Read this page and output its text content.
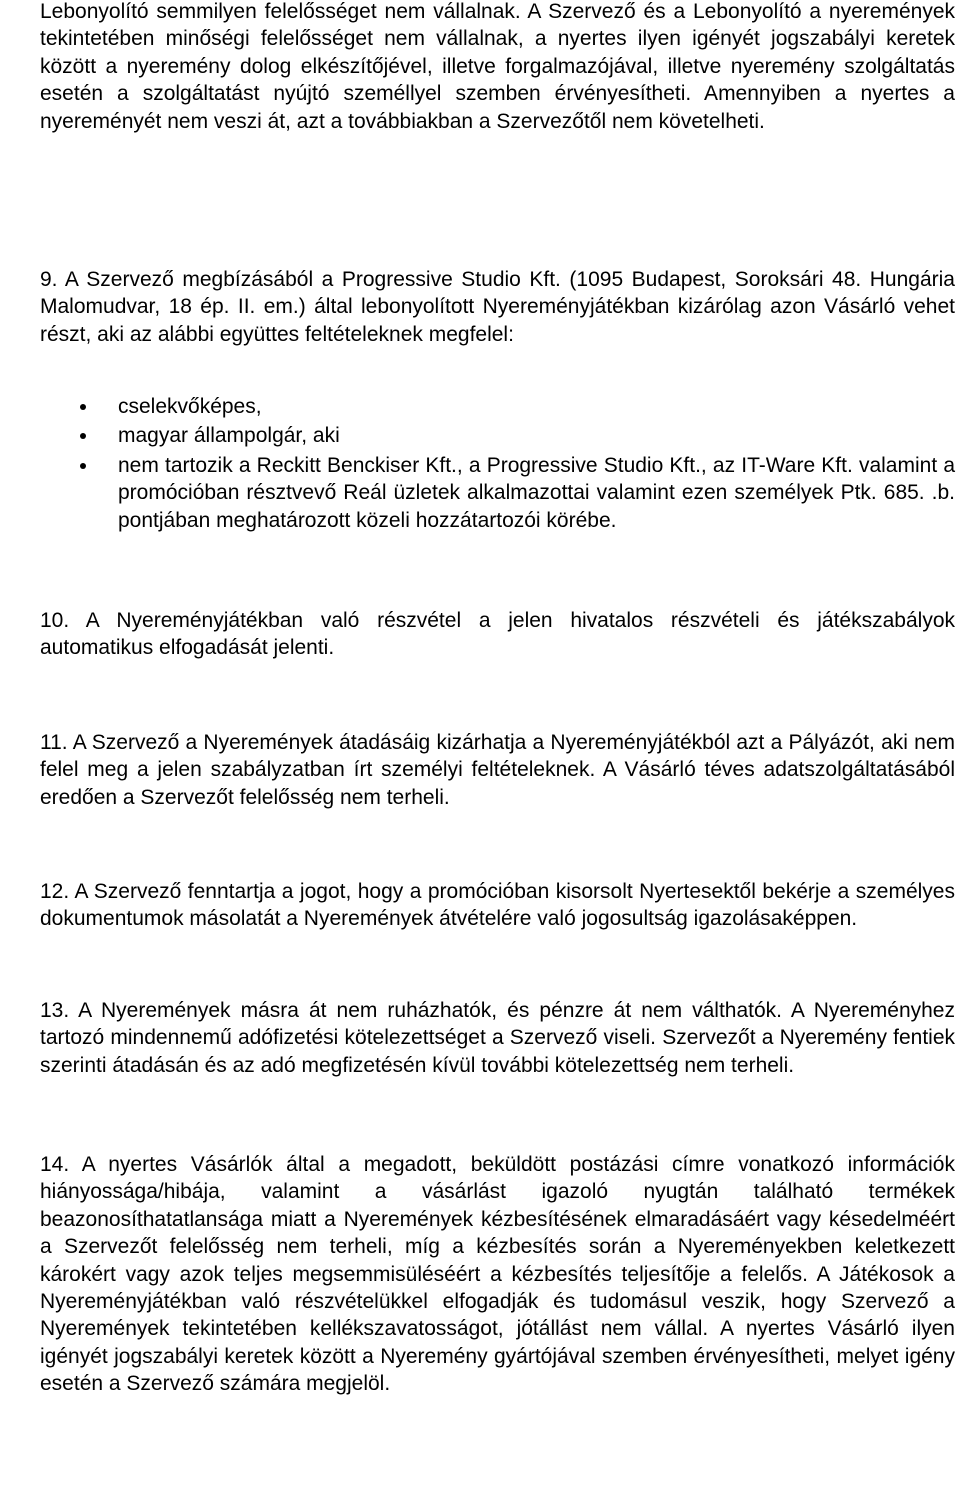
Lebonyolító semmilyen felelősséget nem vállalnak. A Szervező és a Lebonyolító a nyeremények tekintetében minőségi felelősséget nem vállalnak, a nyertes ilyen igényét jogszabályi keretek között a nyeremény dolog elkészítőjével, illetve forgalmazójával, illetve nyeremény szolgáltatás esetén a szolgáltatást nyújtó személlyel szemben érvényesítheti. Amennyiben a nyertes a nyereményét nem veszi át, azt a továbbiakban a Szervezőtől nem követelheti.

9. A Szervező megbízásából a Progressive Studio Kft. (1095 Budapest, Soroksári 48. Hungária Malomudvar, 18 ép. II. em.) által lebonyolított Nyereményjátékban kizárólag azon Vásárló vehet részt, aki az alábbi együttes feltételeknek megfelel:

cselekvőképes,
magyar állampolgár, aki
nem tartozik a Reckitt Benckiser Kft., a Progressive Studio Kft., az IT-Ware Kft. valamint a promócióban résztvevő Reál üzletek alkalmazottai valamint ezen személyek Ptk. 685. .b. pontjában meghatározott közeli hozzátartozói körébe.

10. A Nyereményjátékban való részvétel a jelen hivatalos részvételi és játékszabályok automatikus elfogadását jelenti.

11. A Szervező a Nyeremények átadásáig kizárhatja a Nyereményjátékból azt a Pályázót, aki nem felel meg a jelen szabályzatban írt személyi feltételeknek. A Vásárló téves adatszolgáltatásából eredően a Szervezőt felelősség nem terheli.

12. A Szervező fenntartja a jogot, hogy a promócióban kisorsolt Nyertesektől bekérje a személyes dokumentumok másolatát a Nyeremények átvételére való jogosultság igazolásaképpen.

13. A Nyeremények másra át nem ruházhatók, és pénzre át nem válthatók. A Nyereményhez tartozó mindennemű adófizetési kötelezettséget a Szervező viseli. Szervezőt a Nyeremény fentiek szerinti átadásán és az adó megfizetésén kívül további kötelezettség nem terheli.

14. A nyertes Vásárlók által a megadott, beküldött postázási címre vonatkozó információk hiányossága/hibája, valamint a vásárlást igazoló nyugtán található termékek beazonosíthatatlansága miatt a Nyeremények kézbesítésének elmaradásáért vagy késedelméért a Szervezőt felelősség nem terheli, míg a kézbesítés során a Nyereményekben keletkezett károkért vagy azok teljes megsemmisüléséért a kézbesítés teljesítője a felelős. A Játékosok a Nyereményjátékban való részvételükkel elfogadják és tudomásul veszik, hogy Szervező a Nyeremények tekintetében kellékszavatosságot, jótállást nem vállal. A nyertes Vásárló ilyen igényét jogszabályi keretek között a Nyeremény gyártójával szemben érvényesítheti, melyet igény esetén a Szervező számára megjelöl.
